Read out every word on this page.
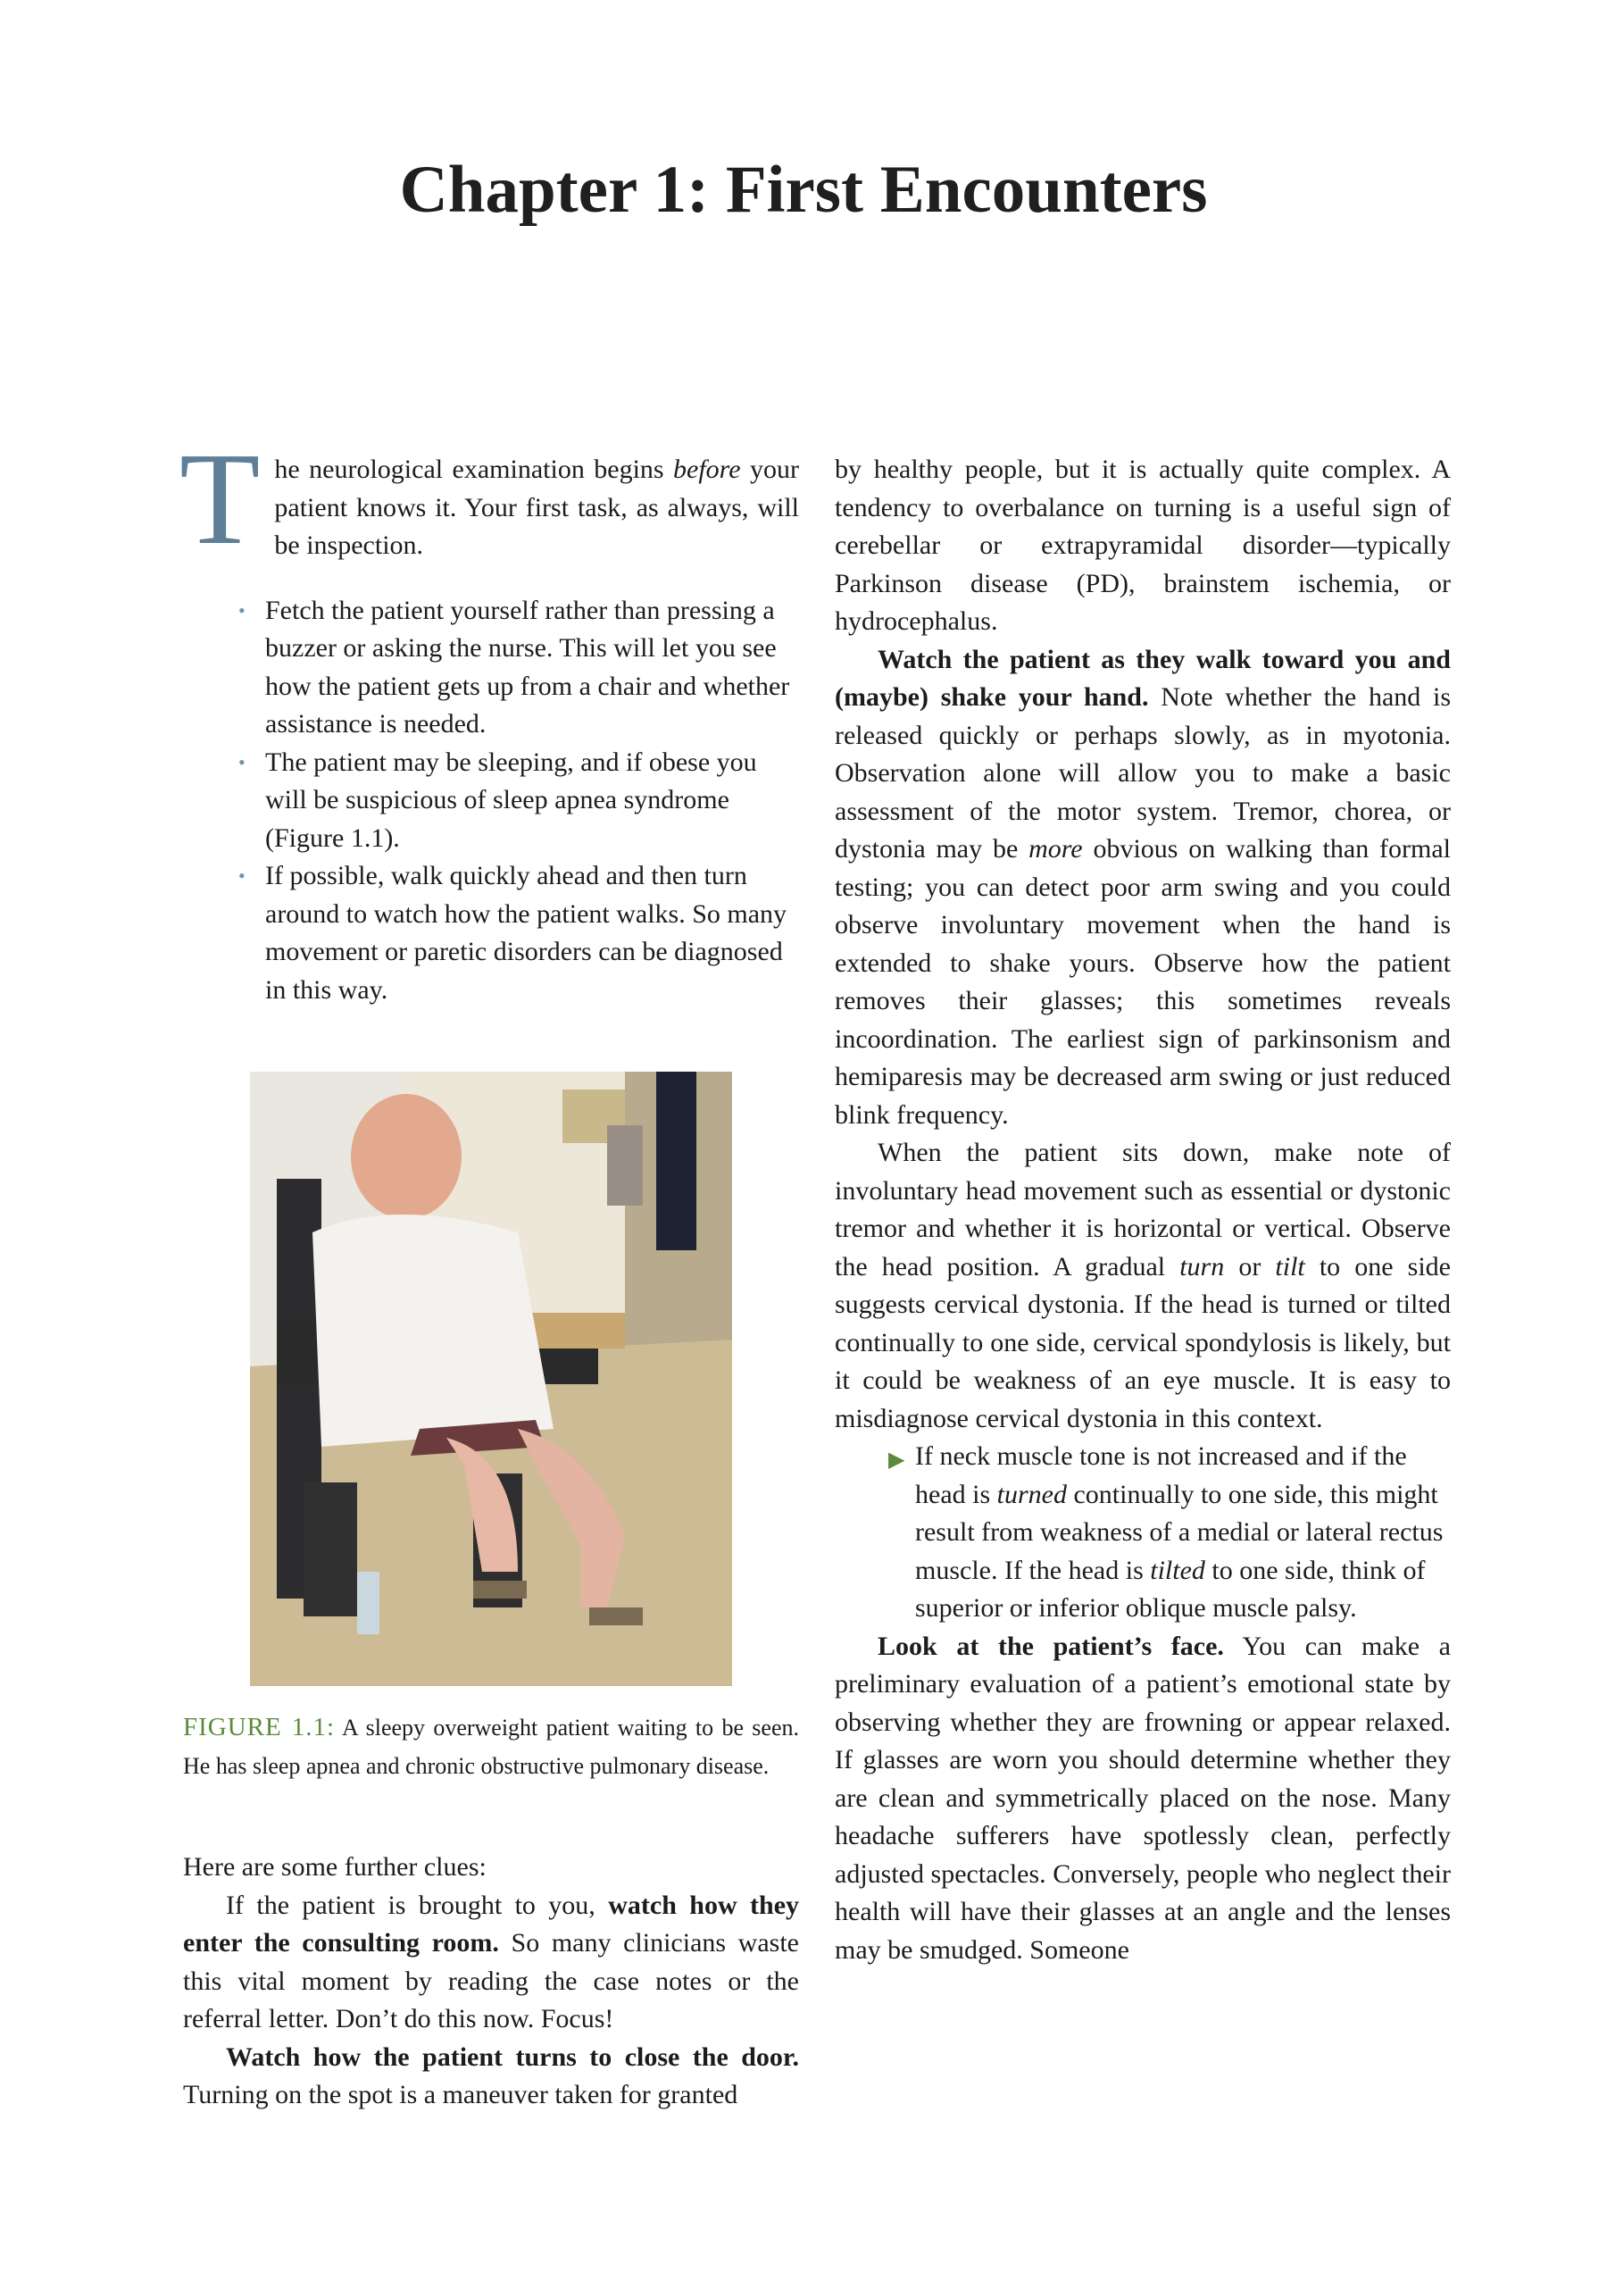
Chapter 1: First Encounters

The neurological examination begins before your patient knows it. Your first task, as always, will be inspection.

• Fetch the patient yourself rather than pressing a buzzer or asking the nurse. This will let you see how the patient gets up from a chair and whether assistance is needed.
• The patient may be sleeping, and if obese you will be suspicious of sleep apnea syndrome (Figure 1.1).
• If possible, walk quickly ahead and then turn around to watch how the patient walks. So many movement or paretic disorders can be diagnosed in this way.
FIGURE 1.1: A sleepy overweight patient waiting to be seen. He has sleep apnea and chronic obstructive pulmonary disease.

Here are some further clues:

If the patient is brought to you, watch how they enter the consulting room. So many clinicians waste this vital moment by reading the case notes or the referral letter. Don’t do this now. Focus!

Watch how the patient turns to close the door. Turning on the spot is a maneuver taken for granted

by healthy people, but it is actually quite complex. A tendency to overbalance on turning is a useful sign of cerebellar or extrapyramidal disorder—typically Parkinson disease (PD), brainstem ischemia, or hydrocephalus.

Watch the patient as they walk toward you and (maybe) shake your hand. Note whether the hand is released quickly or perhaps slowly, as in myotonia. Observation alone will allow you to make a basic assessment of the motor system. Tremor, chorea, or dystonia may be more obvious on walking than formal testing; you can detect poor arm swing and you could observe involuntary movement when the hand is extended to shake yours. Observe how the patient removes their glasses; this sometimes reveals incoordination. The earliest sign of parkinsonism and hemiparesis may be decreased arm swing or just reduced blink frequency.

When the patient sits down, make note of involuntary head movement such as essential or dystonic tremor and whether it is horizontal or vertical. Observe the head position. A gradual turn or tilt to one side suggests cervical dystonia. If the head is turned or tilted continually to one side, cervical spondylosis is likely, but it could be weakness of an eye muscle. It is easy to misdiagnose cervical dystonia in this context.

▶ If neck muscle tone is not increased and if the head is turned continually to one side, this might result from weakness of a medial or lateral rectus muscle. If the head is tilted to one side, think of superior or inferior oblique muscle palsy.

Look at the patient’s face. You can make a preliminary evaluation of a patient’s emotional state by observing whether they are frowning or appear relaxed. If glasses are worn you should determine whether they are clean and symmetrically placed on the nose. Many headache sufferers have spotlessly clean, perfectly adjusted spectacles. Conversely, people who neglect their health will have their glasses at an angle and the lenses may be smudged. Someone
